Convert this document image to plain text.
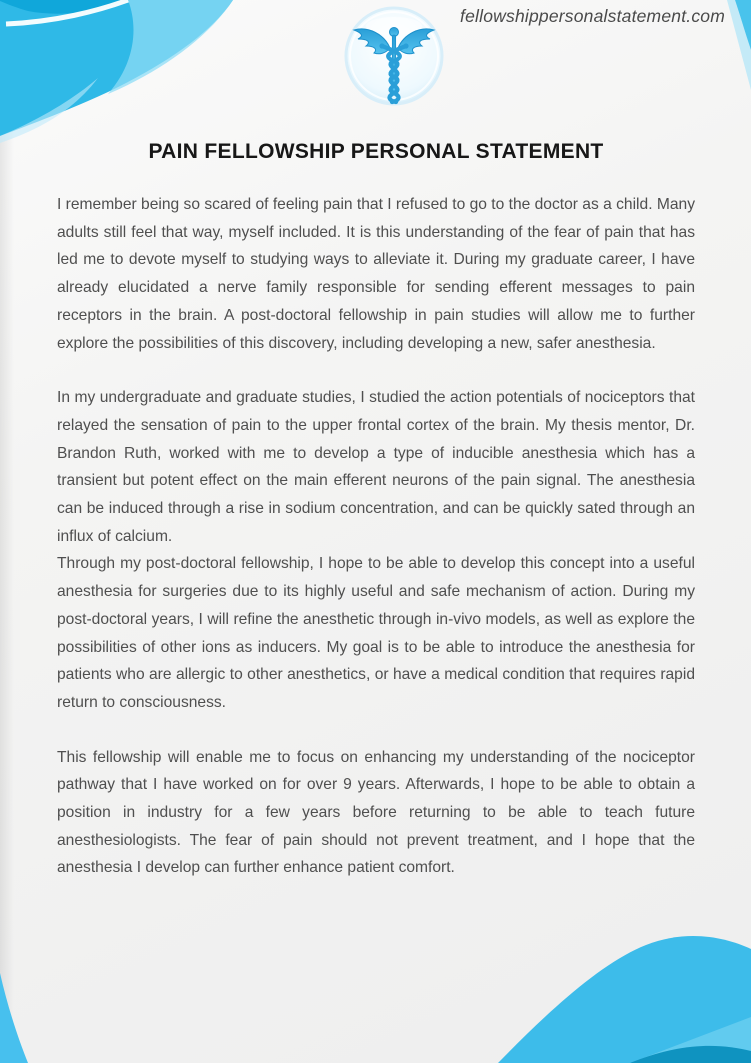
fellowshippersonalstatement.com
PAIN FELLOWSHIP PERSONAL STATEMENT

I remember being so scared of feeling pain that I refused to go to the doctor as a child. Many adults still feel that way, myself included. It is this understanding of the fear of pain that has led me to devote myself to studying ways to alleviate it. During my graduate career, I have already elucidated a nerve family responsible for sending efferent messages to pain receptors in the brain. A post-doctoral fellowship in pain studies will allow me to further explore the possibilities of this discovery, including developing a new, safer anesthesia.

In my undergraduate and graduate studies, I studied the action potentials of nociceptors that relayed the sensation of pain to the upper frontal cortex of the brain. My thesis mentor, Dr. Brandon Ruth, worked with me to develop a type of inducible anesthesia which has a transient but potent effect on the main efferent neurons of the pain signal. The anesthesia can be induced through a rise in sodium concentration, and can be quickly sated through an influx of calcium.

Through my post-doctoral fellowship, I hope to be able to develop this concept into a useful anesthesia for surgeries due to its highly useful and safe mechanism of action. During my post-doctoral years, I will refine the anesthetic through in-vivo models, as well as explore the possibilities of other ions as inducers. My goal is to be able to introduce the anesthesia for patients who are allergic to other anesthetics, or have a medical condition that requires rapid return to consciousness.

This fellowship will enable me to focus on enhancing my understanding of the nociceptor pathway that I have worked on for over 9 years. Afterwards, I hope to be able to obtain a position in industry for a few years before returning to be able to teach future anesthesiologists. The fear of pain should not prevent treatment, and I hope that the anesthesia I develop can further enhance patient comfort.
